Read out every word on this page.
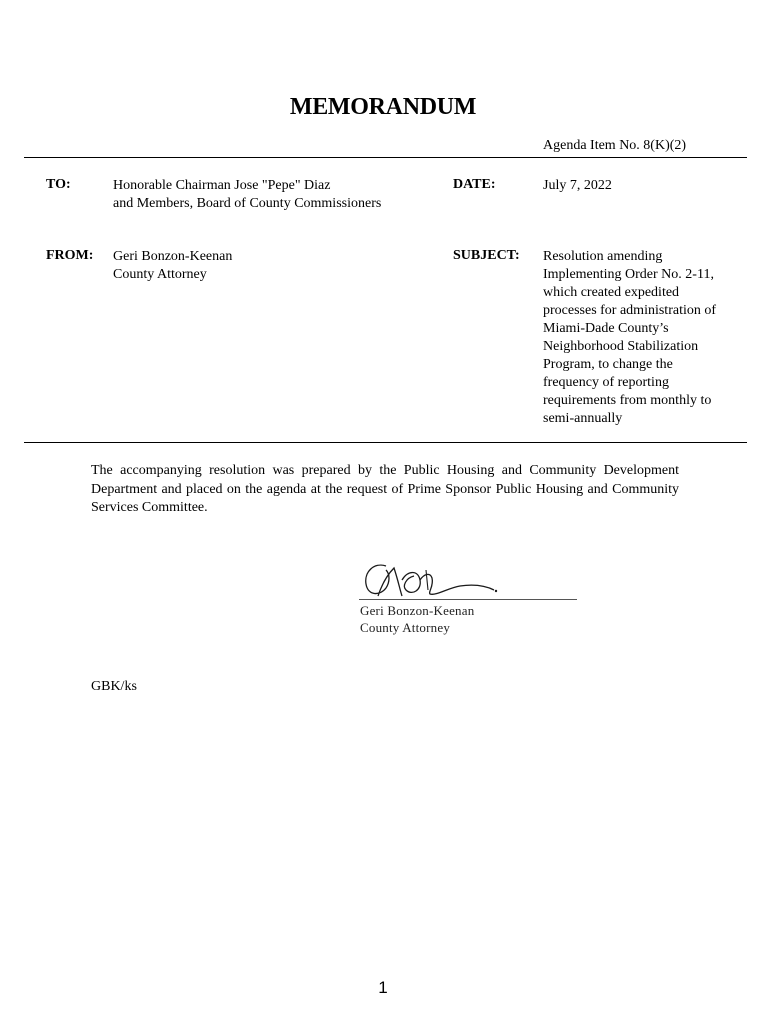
MEMORANDUM
Agenda Item No. 8(K)(2)
TO:	Honorable Chairman Jose "Pepe" Diaz
and Members, Board of County Commissioners
DATE:	July 7, 2022
FROM: Geri Bonzon-Keenan
County Attorney
SUBJECT: Resolution amending
Implementing Order No. 2-11,
which created expedited
processes for administration of
Miami-Dade County’s
Neighborhood Stabilization
Program, to change the
frequency of reporting
requirements from monthly to
semi-annually
The accompanying resolution was prepared by the Public Housing and Community Development Department and placed on the agenda at the request of Prime Sponsor Public Housing and Community Services Committee.
Geri Bonzon-Keenan
County Attorney
GBK/ks
1
